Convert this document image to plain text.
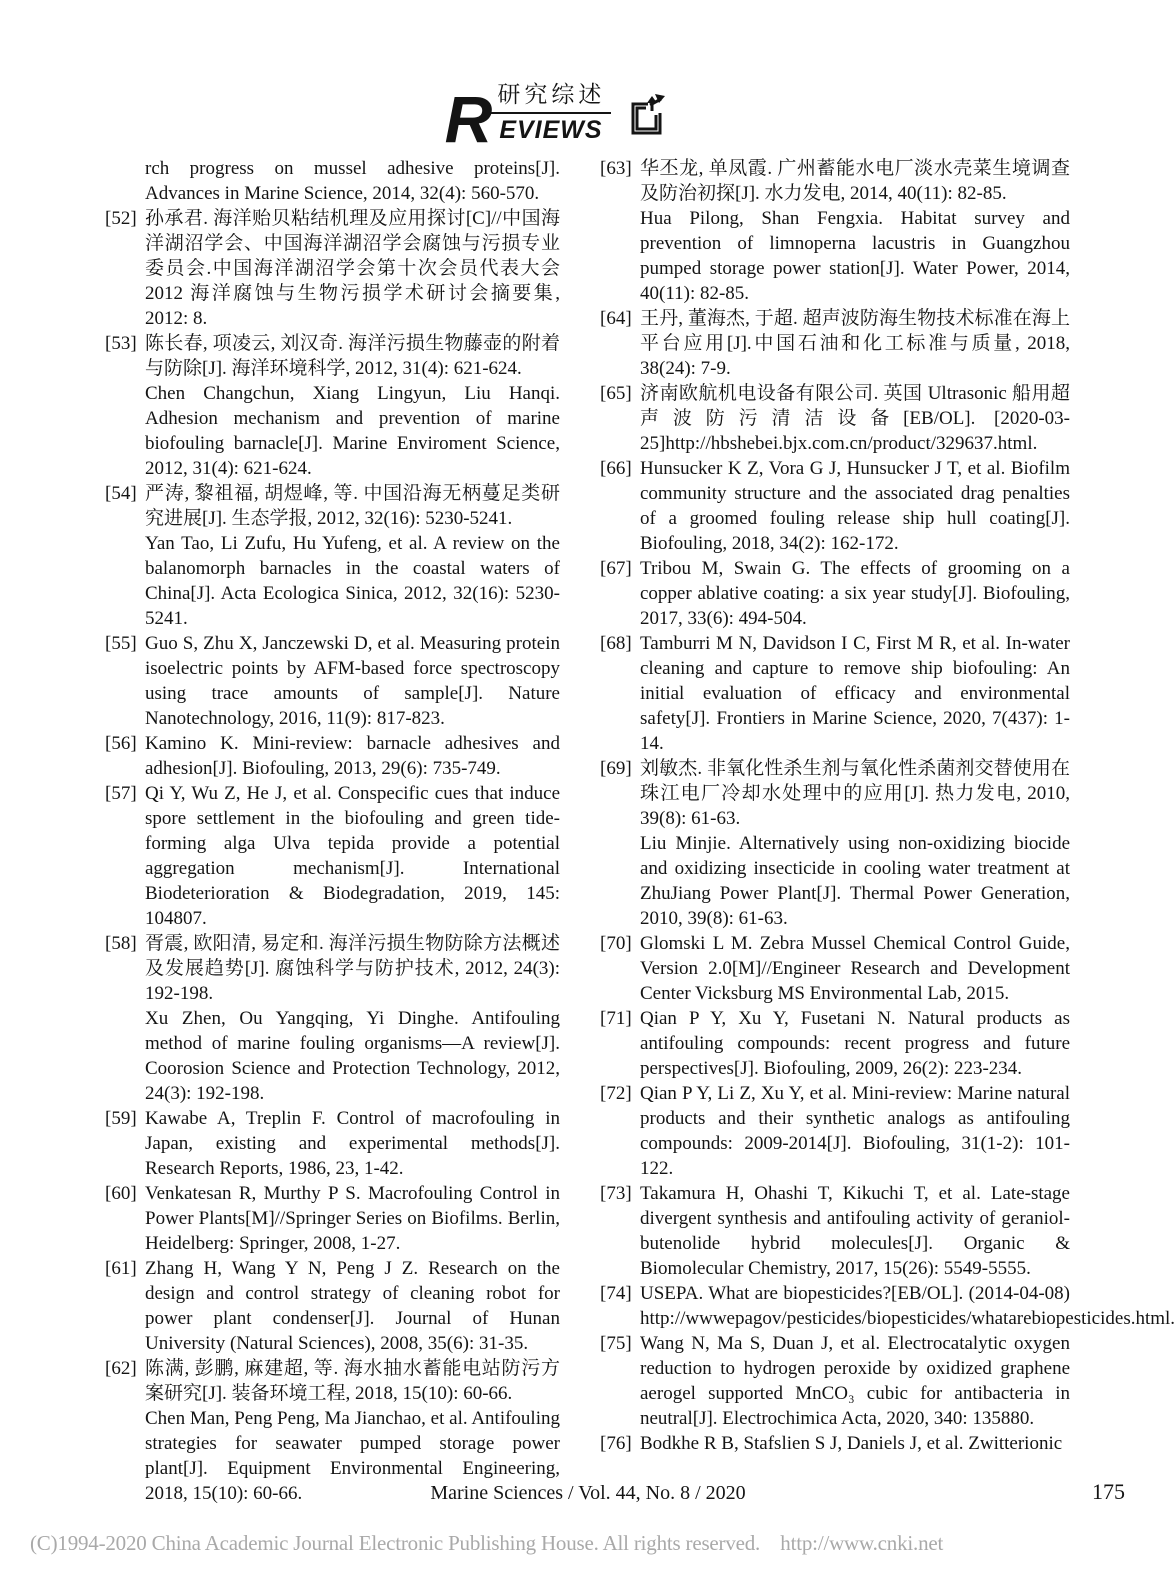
R 研究综述
EVIEWS

rch progress on mussel adhesive proteins[J]. Advances in Marine Science, 2014, 32(4): 560-570.

[52] 孙承君. 海洋贻贝粘结机理及应用探讨[C]//中国海洋湖沼学会、中国海洋湖沼学会腐蚀与污损专业委员会.中国海洋湖沼学会第十次会员代表大会 2012 海洋腐蚀与生物污损学术研讨会摘要集, 2012: 8.

[53] 陈长春, 项凌云, 刘汉奇. 海洋污损生物藤壶的附着与防除[J]. 海洋环境科学, 2012, 31(4): 621-624.

Chen Changchun, Xiang Lingyun, Liu Hanqi. Adhesion mechanism and prevention of marine biofouling barnacle[J]. Marine Enviroment Science, 2012, 31(4): 621-624.

[54] 严涛, 黎祖福, 胡煜峰, 等. 中国沿海无柄蔓足类研究进展[J]. 生态学报, 2012, 32(16): 5230-5241.

Yan Tao, Li Zufu, Hu Yufeng, et al. A review on the balanomorph barnacles in the coastal waters of China[J]. Acta Ecologica Sinica, 2012, 32(16): 5230-5241.

[55] Guo S, Zhu X, Janczewski D, et al. Measuring protein isoelectric points by AFM-based force spectroscopy using trace amounts of sample[J]. Nature Nanotechnology, 2016, 11(9): 817-823.

[56] Kamino K. Mini-review: barnacle adhesives and adhesion[J]. Biofouling, 2013, 29(6): 735-749.

[57] Qi Y, Wu Z, He J, et al. Conspecific cues that induce spore settlement in the biofouling and green tide- forming alga Ulva tepida provide a potential aggregation mechanism[J]. International Biodeterioration & Biodegradation, 2019, 145: 104807.

[58] 胥震, 欧阳清, 易定和. 海洋污损生物防除方法概述及发展趋势[J]. 腐蚀科学与防护技术, 2012, 24(3): 192-198.

Xu Zhen, Ou Yangqing, Yi Dinghe. Antifouling method of marine fouling organisms—A review[J]. Coorosion Science and Protection Technology, 2012, 24(3): 192-198.

[59] Kawabe A, Treplin F. Control of macrofouling in Japan, existing and experimental methods[J]. Research Reports, 1986, 23, 1-42.

[60] Venkatesan R, Murthy P S. Macrofouling Control in Power Plants[M]//Springer Series on Biofilms. Berlin, Heidelberg: Springer, 2008, 1-27.

[61] Zhang H, Wang Y N, Peng J Z. Research on the design and control strategy of cleaning robot for power plant condenser[J]. Journal of Hunan University (Natural Sciences), 2008, 35(6): 31-35.

[62] 陈满, 彭鹏, 麻建超, 等. 海水抽水蓄能电站防污方案研究[J]. 装备环境工程, 2018, 15(10): 60-66.

Chen Man, Peng Peng, Ma Jianchao, et al. Antifouling strategies for seawater pumped storage power plant[J]. Equipment Environmental Engineering, 2018, 15(10): 60-66.

[63] 华丕龙, 单凤霞. 广州蓄能水电厂淡水壳菜生境调查及防治初探[J]. 水力发电, 2014, 40(11): 82-85.

Hua Pilong, Shan Fengxia. Habitat survey and prevention of limnoperna lacustris in Guangzhou pumped storage power station[J]. Water Power, 2014, 40(11): 82-85.

[64] 王丹, 董海杰, 于超. 超声波防海生物技术标准在海上平台应用[J].中国石油和化工标准与质量, 2018, 38(24): 7-9.

[65] 济南欧航机电设备有限公司. 英国 Ultrasonic 船用超声波防污清洁设备[EB/OL]. [2020-03-25]http://hbshebei.bjx.com.cn/product/329637.html.

[66] Hunsucker K Z, Vora G J, Hunsucker J T, et al. Biofilm community structure and the associated drag penalties of a groomed fouling release ship hull coating[J]. Biofouling, 2018, 34(2): 162-172.

[67] Tribou M, Swain G. The effects of grooming on a copper ablative coating: a six year study[J]. Biofouling, 2017, 33(6): 494-504.

[68] Tamburri M N, Davidson I C, First M R, et al. In-water cleaning and capture to remove ship biofouling: An initial evaluation of efficacy and environmental safety[J]. Frontiers in Marine Science, 2020, 7(437): 1-14.

[69] 刘敏杰. 非氧化性杀生剂与氧化性杀菌剂交替使用在珠江电厂冷却水处理中的应用[J]. 热力发电, 2010, 39(8): 61-63.

Liu Minjie. Alternatively using non-oxidizing biocide and oxidizing insecticide in cooling water treatment at ZhuJiang Power Plant[J]. Thermal Power Generation, 2010, 39(8): 61-63.

[70] Glomski L M. Zebra Mussel Chemical Control Guide, Version 2.0[M]//Engineer Research and Development Center Vicksburg MS Environmental Lab, 2015.

[71] Qian P Y, Xu Y, Fusetani N. Natural products as antifouling compounds: recent progress and future perspectives[J]. Biofouling, 2009, 26(2): 223-234.

[72] Qian P Y, Li Z, Xu Y, et al. Mini-review: Marine natural products and their synthetic analogs as antifouling compounds: 2009-2014[J]. Biofouling, 31(1-2): 101-122.

[73] Takamura H, Ohashi T, Kikuchi T, et al. Late-stage divergent synthesis and antifouling activity of geraniol-butenolide hybrid molecules[J]. Organic & Biomolecular Chemistry, 2017, 15(26): 5549-5555.

[74] USEPA. What are biopesticides?[EB/OL]. (2014-04-08) http://wwwepagov/pesticides/biopesticides/whatarebiopesticides.html.

[75] Wang N, Ma S, Duan J, et al. Electrocatalytic oxygen reduction to hydrogen peroxide by oxidized graphene aerogel supported MnCO₃ cubic for antibacteria in neutral[J]. Electrochimica Acta, 2020, 340: 135880.

[76] Bodkhe R B, Stafslien S J, Daniels J, et al. Zwitterionic

Marine Sciences / Vol. 44, No. 8 / 2020	175
(C)1994-2020 China Academic Journal Electronic Publishing House. All rights reserved.    http://www.cnki.net
